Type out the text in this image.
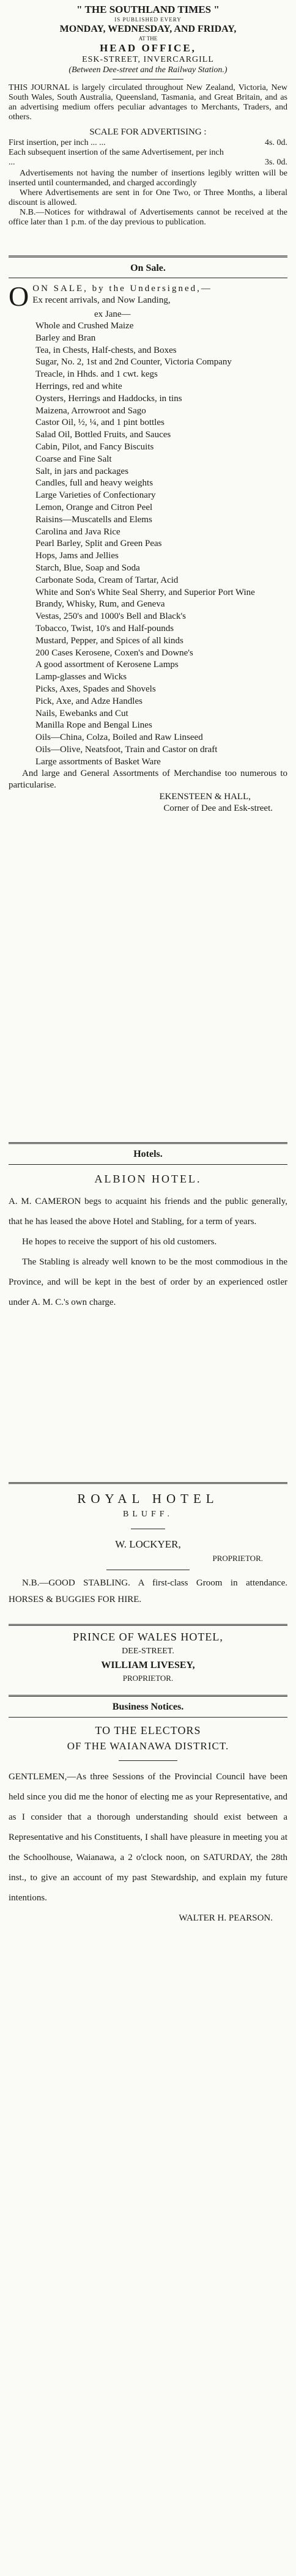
" THE SOUTHLAND TIMES "
IS PUBLISHED EVERY
MONDAY, WEDNESDAY, AND FRIDAY,
AT THE
HEAD OFFICE,
ESK-STREET, INVERCARGILL
(Between Dee-street and the Railway Station.)

THIS JOURNAL is largely circulated throughout New Zealand, Victoria, New South Wales, South Australia, Queensland, Tasmania, and Great Britain, and as an advertising medium offers peculiar advantages to Merchants, Traders, and others.

SCALE FOR ADVERTISING :
First insertion, per inch ... ...	4s. 0d.
Each subsequent insertion of the same Advertisement, per inch ...	3s. 0d.

Advertisements not having the number of insertions legibly written will be inserted until countermanded, and charged accordingly

Where Advertisements are sent in for One Two, or Three Months, a liberal discount is allowed.

N.B.—Notices for withdrawal of Advertisements cannot be received at the office later than 1 p.m. of the day previous to publication.

On Sale.
O ON SALE, by the Undersigned,—
Ex recent arrivals, and Now Landing,
ex Jane—
Whole and Crushed Maize
Barley and Bran
Tea, in Chests, Half-chests, and Boxes
Sugar, No. 2, 1st and 2nd Counter, Victoria Company
Treacle, in Hhds. and 1 cwt. kegs
Herrings, red and white
Oysters, Herrings and Haddocks, in tins
Maizena, Arrowroot and Sago
Castor Oil, ½, ¼, and 1 pint bottles
Salad Oil, Bottled Fruits, and Sauces
Cabin, Pilot, and Fancy Biscuits
Coarse and Fine Salt
Salt, in jars and packages
Candles, full and heavy weights
Large Varieties of Confectionary
Lemon, Orange and Citron Peel
Raisins—Muscatells and Elems
Carolina and Java Rice
Pearl Barley, Split and Green Peas
Hops, Jams and Jellies
Starch, Blue, Soap and Soda
Carbonate Soda, Cream of Tartar, Acid
White and Son's White Seal Sherry, and Superior Port Wine
Brandy, Whisky, Rum, and Geneva
Vestas, 250's and 1000's Bell and Black's
Tobacco, Twist, 10's and Half-pounds
Mustard, Pepper, and Spices of all kinds
200 Cases Kerosene, Coxen's and Downe's
A good assortment of Kerosene Lamps
Lamp-glasses and Wicks
Picks, Axes, Spades and Shovels
Pick, Axe, and Adze Handles
Nails, Ewebanks and Cut
Manilla Rope and Bengal Lines
Oils—China, Colza, Boiled and Raw Linseed
Oils—Olive, Neatsfoot, Train and Castor on draft
Large assortments of Basket Ware

And large and General Assortments of Merchandise too numerous to particularise.

EKENSTEEN & HALL,
Corner of Dee and Esk-street.
Hotels.
ALBION HOTEL.

A. M. CAMERON begs to acquaint his friends and the public generally, that he has leased the above Hotel and Stabling, for a term of years.

He hopes to receive the support of his old customers.

The Stabling is already well known to be the most commodious in the Province, and will be kept in the best of order by an experienced ostler under A. M. C.'s own charge.

ROYAL HOTEL
BLUFF.
W. LOCKYER,
PROPRIETOR.

N.B.—GOOD STABLING. A first-class Groom in attendance. HORSES & BUGGIES FOR HIRE.

PRINCE OF WALES HOTEL,
DEE-STREET.
WILLIAM LIVESEY,
PROPRIETOR.
Business Notices.
TO THE ELECTORS
OF THE WAIANAWA DISTRICT.

GENTLEMEN,—As three Sessions of the Provincial Council have been held since you did me the honor of electing me as your Representative, and as I consider that a thorough understanding should exist between a Representative and his Constituents, I shall have pleasure in meeting you at the Schoolhouse, Waianawa, a 2 o'clock noon, on SATURDAY, the 28th inst., to give an account of my past Stewardship, and explain my future intentions.

WALTER H. PEARSON.
